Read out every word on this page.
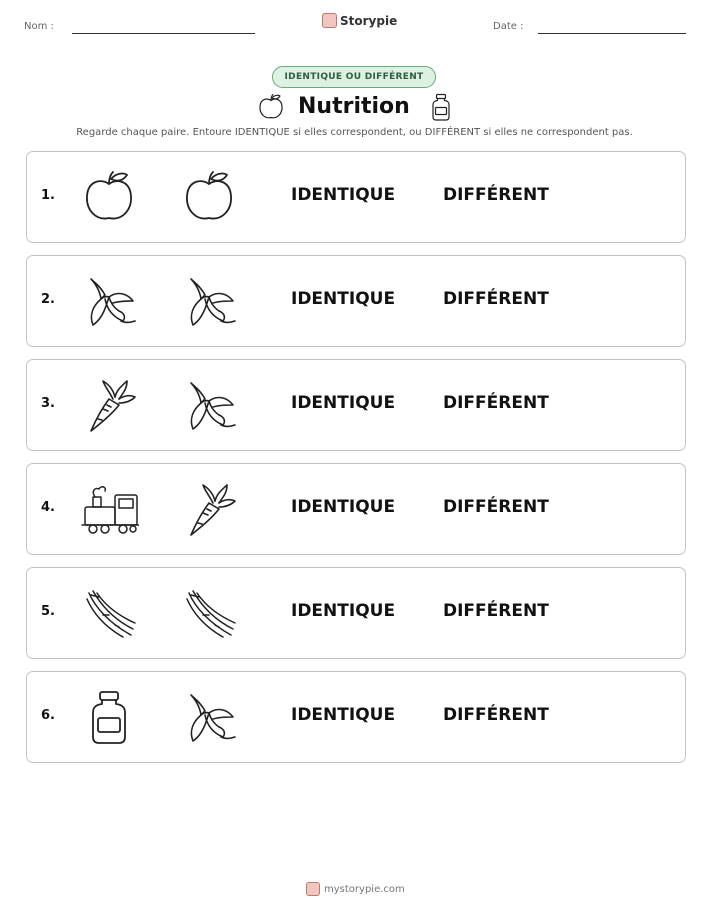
Nom :	Storypie	Date :
IDENTIQUE OU DIFFÉRENT
Nutrition
Regarde chaque paire. Entoure IDENTIQUE si elles correspondent, ou DIFFÉRENT si elles ne correspondent pas.
1.	IDENTIQUE	DIFFÉRENT
2.	IDENTIQUE	DIFFÉRENT
3.	IDENTIQUE	DIFFÉRENT
4.	IDENTIQUE	DIFFÉRENT
5.	IDENTIQUE	DIFFÉRENT
6.	IDENTIQUE	DIFFÉRENT
mystorypie.com
